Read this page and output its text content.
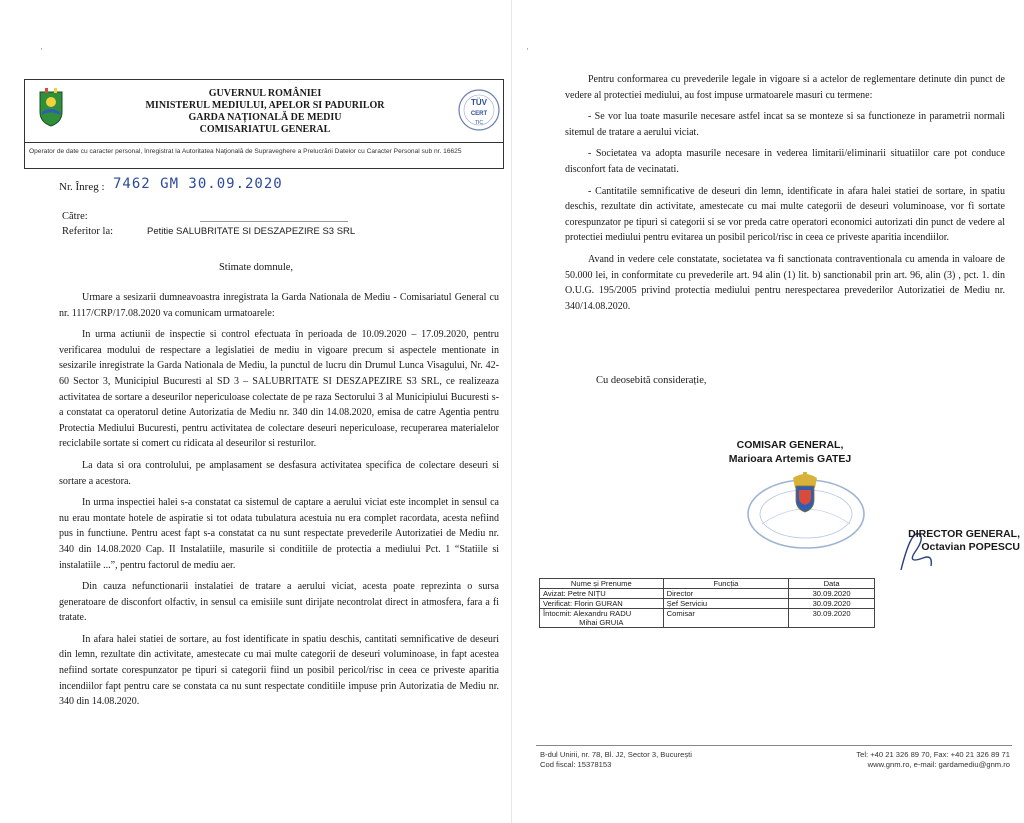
·
GUVERNUL ROMÂNIEI
MINISTERUL MEDIULUI, APELOR SI PADURILOR
GARDA NAȚIONALĂ DE MEDIU
COMISARIATUL GENERAL
TÜV
CERT
TIC
Operator de date cu caracter personal, înregistrat la Autoritatea Naţională de Supraveghere a Prelucrării Datelor cu Caracter Personal sub nr. 16625
Nr. Înreg : 7462 GM 30.09.2020
Către:
Referitor la:	Petitie SALUBRITATE SI DESZAPEZIRE S3 SRL
Stimate domnule,

Urmare a sesizarii dumneavoastra inregistrata la Garda Nationala de Mediu - Comisariatul General cu nr. 1117/CRP/17.08.2020 va comunicam urmatoarele:

In urma actiunii de inspectie si control efectuata în perioada de 10.09.2020 – 17.09.2020, pentru verificarea modului de respectare a legislatiei de mediu in vigoare precum si aspectele mentionate in sesizarile inregistrate la Garda Nationala de Mediu, la punctul de lucru din Drumul Lunca Visagului, Nr. 42-60 Sector 3, Municipiul Bucuresti al SD 3 – SALUBRITATE SI DESZAPEZIRE S3 SRL, ce realizeaza activitatea de sortare a deseurilor nepericuloase colectate de pe raza Sectorului 3 al Municipiului Bucuresti s-a constatat ca operatorul detine Autorizatia de Mediu nr. 340 din 14.08.2020, emisa de catre Agentia pentru Protectia Mediului Bucuresti, pentru activitatea de colectare deseuri nepericuloase, recuperarea materialelor reciclabile sortate si comert cu ridicata al deseurilor si resturilor.

La data si ora controlului, pe amplasament se desfasura activitatea specifica de colectare deseuri si sortare a acestora.

In urma inspectiei halei s-a constatat ca sistemul de captare a aerului viciat este incomplet in sensul ca nu erau montate hotele de aspiratie si tot odata tubulatura acestuia nu era complet racordata, acesta nefiind pus in functiune. Pentru acest fapt s-a constatat ca nu sunt respectate prevederile Autorizatiei de Mediu nr. 340 din 14.08.2020 Cap. II Instalatiile, masurile si conditiile de protectia a mediului Pct. 1 “Statiile si instalatiile ...”, pentru factorul de mediu aer.

Din cauza nefunctionarii instalatiei de tratare a aerului viciat, acesta poate reprezinta o sursa generatoare de disconfort olfactiv, in sensul ca emisiile sunt dirijate necontrolat direct in atmosfera, fara a fi tratate.

In afara halei statiei de sortare, au fost identificate in spatiu deschis, cantitati semnificative de deseuri din lemn, rezultate din activitate, amestecate cu mai multe categorii de deseuri voluminoase, in fapt acestea nefiind sortate corespunzator pe tipuri si categorii fiind un posibil pericol/risc in ceea ce priveste aparitia incendiilor fapt pentru care se constata ca nu sunt respectate conditiile impuse prin Autorizatia de Mediu nr. 340 din 14.08.2020.

·

Pentru conformarea cu prevederile legale in vigoare si a actelor de reglementare detinute din punct de vedere al protectiei mediului, au fost impuse urmatoarele masuri cu termene:

- Se vor lua toate masurile necesare astfel incat sa se monteze si sa functioneze in parametrii normali sitemul de tratare a aerului viciat.

- Societatea va adopta masurile necesare in vederea limitarii/eliminarii situatiilor care pot conduce disconfort fata de vecinatati.

- Cantitatile semnificative de deseuri din lemn, identificate in afara halei statiei de sortare, in spatiu deschis, rezultate din activitate, amestecate cu mai multe categorii de deseuri voluminoase, vor fi sortate corespunzator pe tipuri si categorii si se vor preda catre operatori economici autorizati din punct de vedere al protectiei mediului pentru evitarea un posibil pericol/risc in ceea ce priveste aparitia incendiilor.

Avand in vedere cele constatate, societatea va fi sanctionata contraventionala cu amenda in valoare de 50.000 lei, in conformitate cu prevederile art. 94 alin (1) lit. b) sanctionabil prin art. 96, alin (3) , pct. 1. din O.U.G. 195/2005 privind protectia mediului pentru nerespectarea prevederilor Autorizatiei de Mediu nr. 340/14.08.2020.

Cu deosebită considerație,
COMISAR GENERAL,
Marioara Artemis GATEJ
DIRECTOR GENERAL,
Octavian POPESCU
Nume și Prenume	Funcția	Data
Avizat: Petre NIȚU	Director	30.09.2020
Verificat: Florin GURAN	Șef Serviciu	30.09.2020

Întocmit: Alexandru RADU
Mihai GRUIA	Comisar	30.09.2020
B-dul Unirii, nr. 78, Bl. J2, Sector 3, București
Cod fiscal: 15378153
Tel: +40 21 326 89 70, Fax: +40 21 326 89 71
www.gnm.ro, e-mail: gardamediu@gnm.ro
